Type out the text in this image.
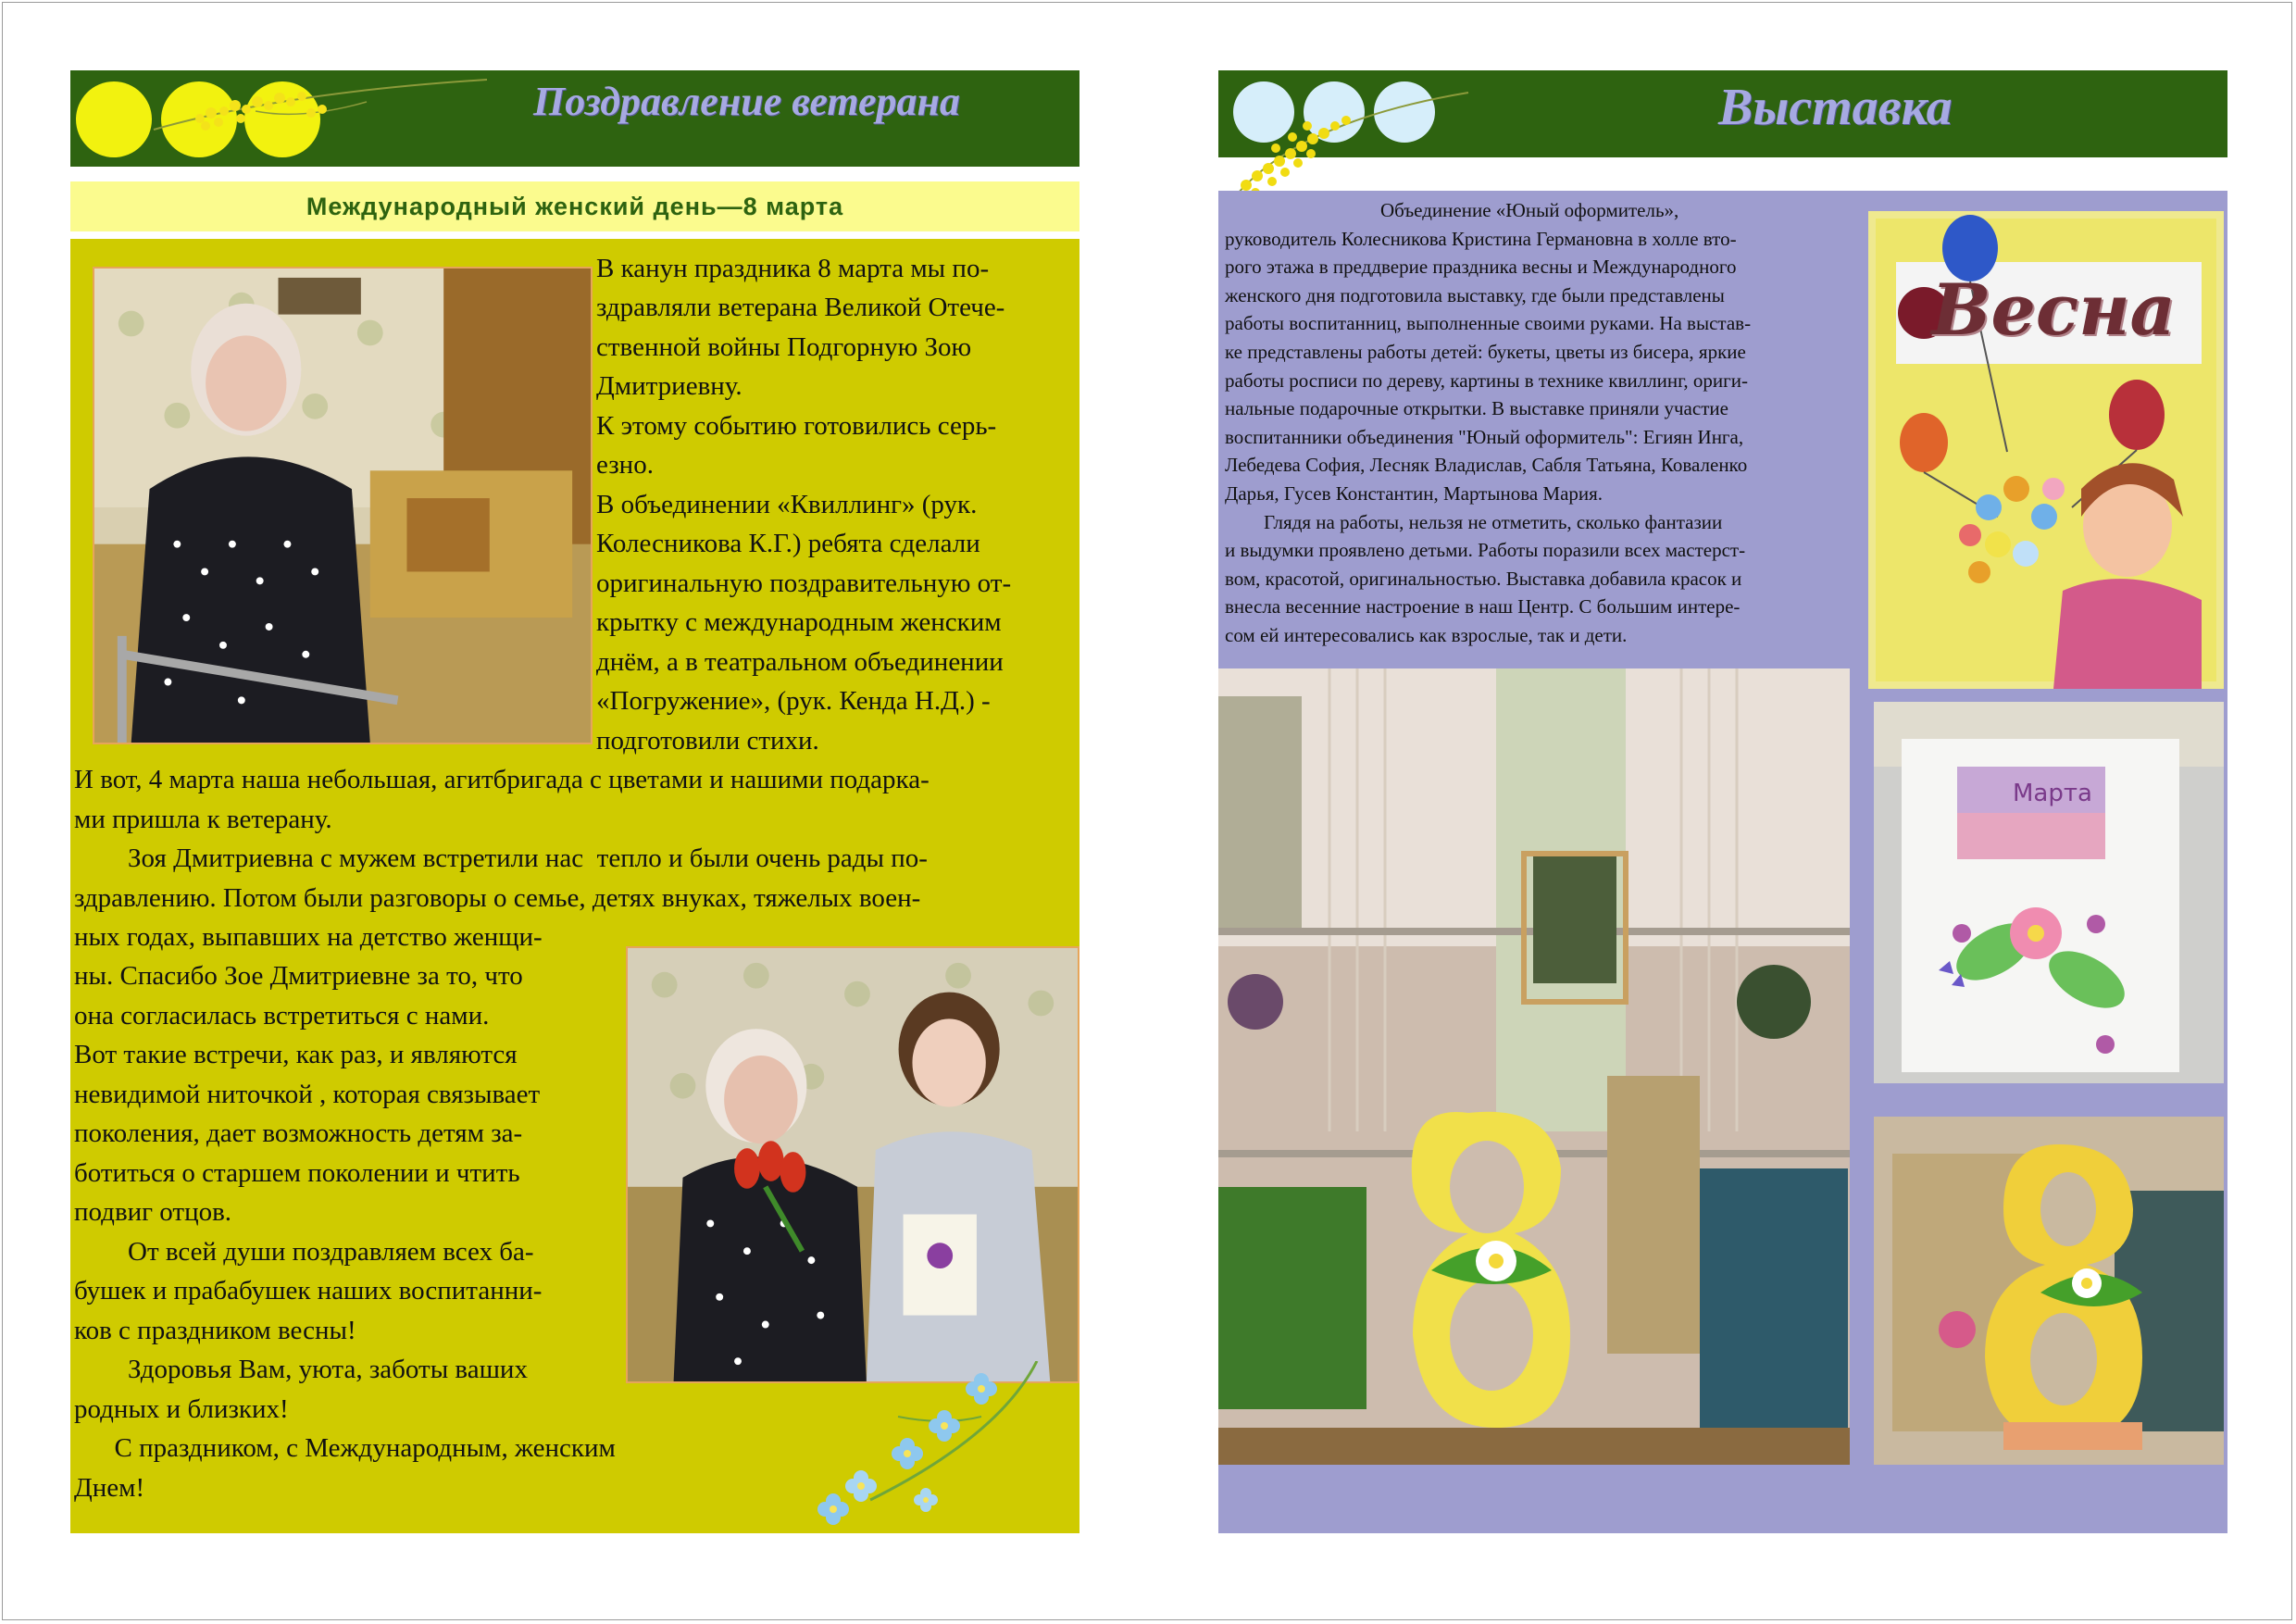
Поздравление ветерана
Международный женский день—8 марта

В канун праздника 8 марта мы по-

здравляли ветерана Великой Отече-

ственной войны Подгорную Зою

Дмитриевну.

К этому событию готовились серь-

езно.

В объединении «Квиллинг» (рук.

Колесникова К.Г.) ребята сделали

оригинальную поздравительную от-

крытку с международным женским

днём, а в театральном объединении

«Погружение», (рук. Кенда Н.Д.) -

подготовили стихи.

И вот, 4 марта наша небольшая, агитбригада с цветами и нашими подарка-

ми пришла к ветерану.

Зоя Дмитриевна с мужем встретили нас  тепло и были очень рады по-

здравлению. Потом были разговоры о семье, детях внуках, тяжелых воен-

ных годах, выпавших на детство женщи-

ны. Спасибо Зое Дмитриевне за то, что

она согласилась встретиться с нами.

Вот такие встречи, как раз, и являются

невидимой ниточкой , которая связывает

поколения, дает возможность детям за-

ботиться о старшем поколении и чтить

подвиг отцов.

От всей души поздравляем всех ба-

бушек и прабабушек наших воспитанни-

ков с праздником весны!

Здоровья Вам, уюта, заботы ваших

родных и близких!

С праздником, с Международным, женским

Днем!

Выставка
Объединение «Юный оформитель»,
руководитель Колесникова Кристина Германовна в холле вто-
рого этажа в преддверие праздника весны и Международного
женского дня подготовила выставку, где были представлены
работы воспитанниц, выполненные своими руками. На выстав-
ке представлены работы детей: букеты, цветы из бисера, яркие
работы росписи по дереву, картины в технике квиллинг, ориги-
нальные подарочные открытки. В выставке приняли участие
воспитанники объединения "Юный оформитель": Егиян Инга,
Лебедева София, Лесняк Владислав, Сабля Татьяна, Коваленко
Дарья, Гусев Константин, Мартынова Мария.
Глядя на работы, нельзя не отметить, сколько фантазии
и выдумки проявлено детьми. Работы поразили всех мастерст-
вом, красотой, оригинальностью. Выставка добавила красок и
внесла весенние настроение в наш Центр. С большим интере-
сом ей интересовались как взрослые, так и дети.
Весна
Марта
